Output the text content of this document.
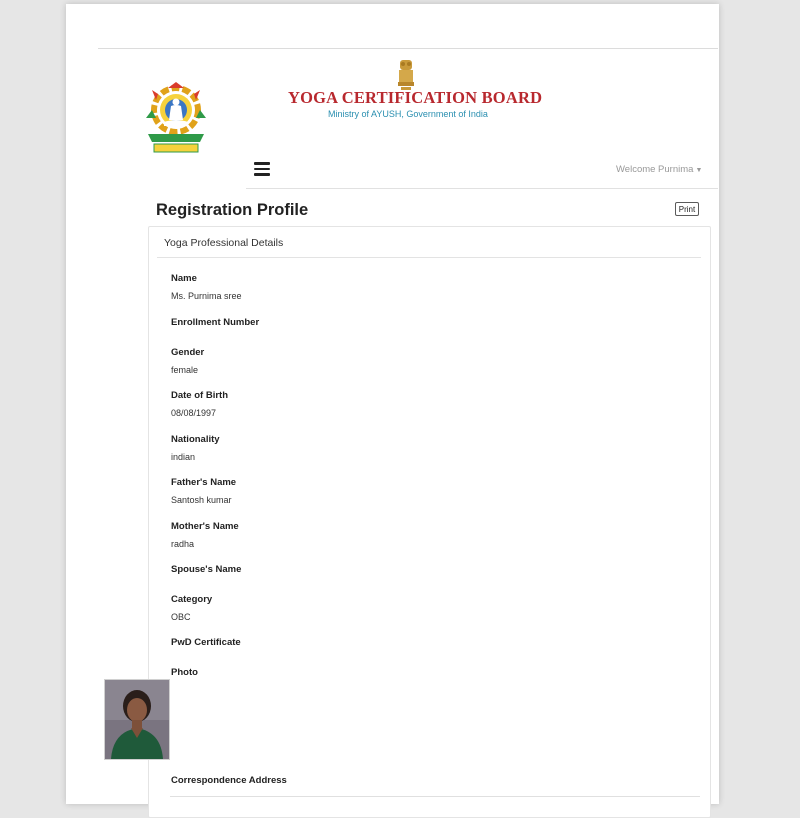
YOGA CERTIFICATION BOARD
Ministry of AYUSH, Government of India
Welcome Purnima ▼
Registration Profile	Print
Yoga Professional Details
Name
Ms. Purnima sree
Enrollment Number
Gender
female
Date of Birth
08/08/1997
Nationality
indian
Father's Name
Santosh kumar
Mother's Name
radha
Spouse's Name
Category
OBC
PwD Certificate
Photo
Correspondence Address
